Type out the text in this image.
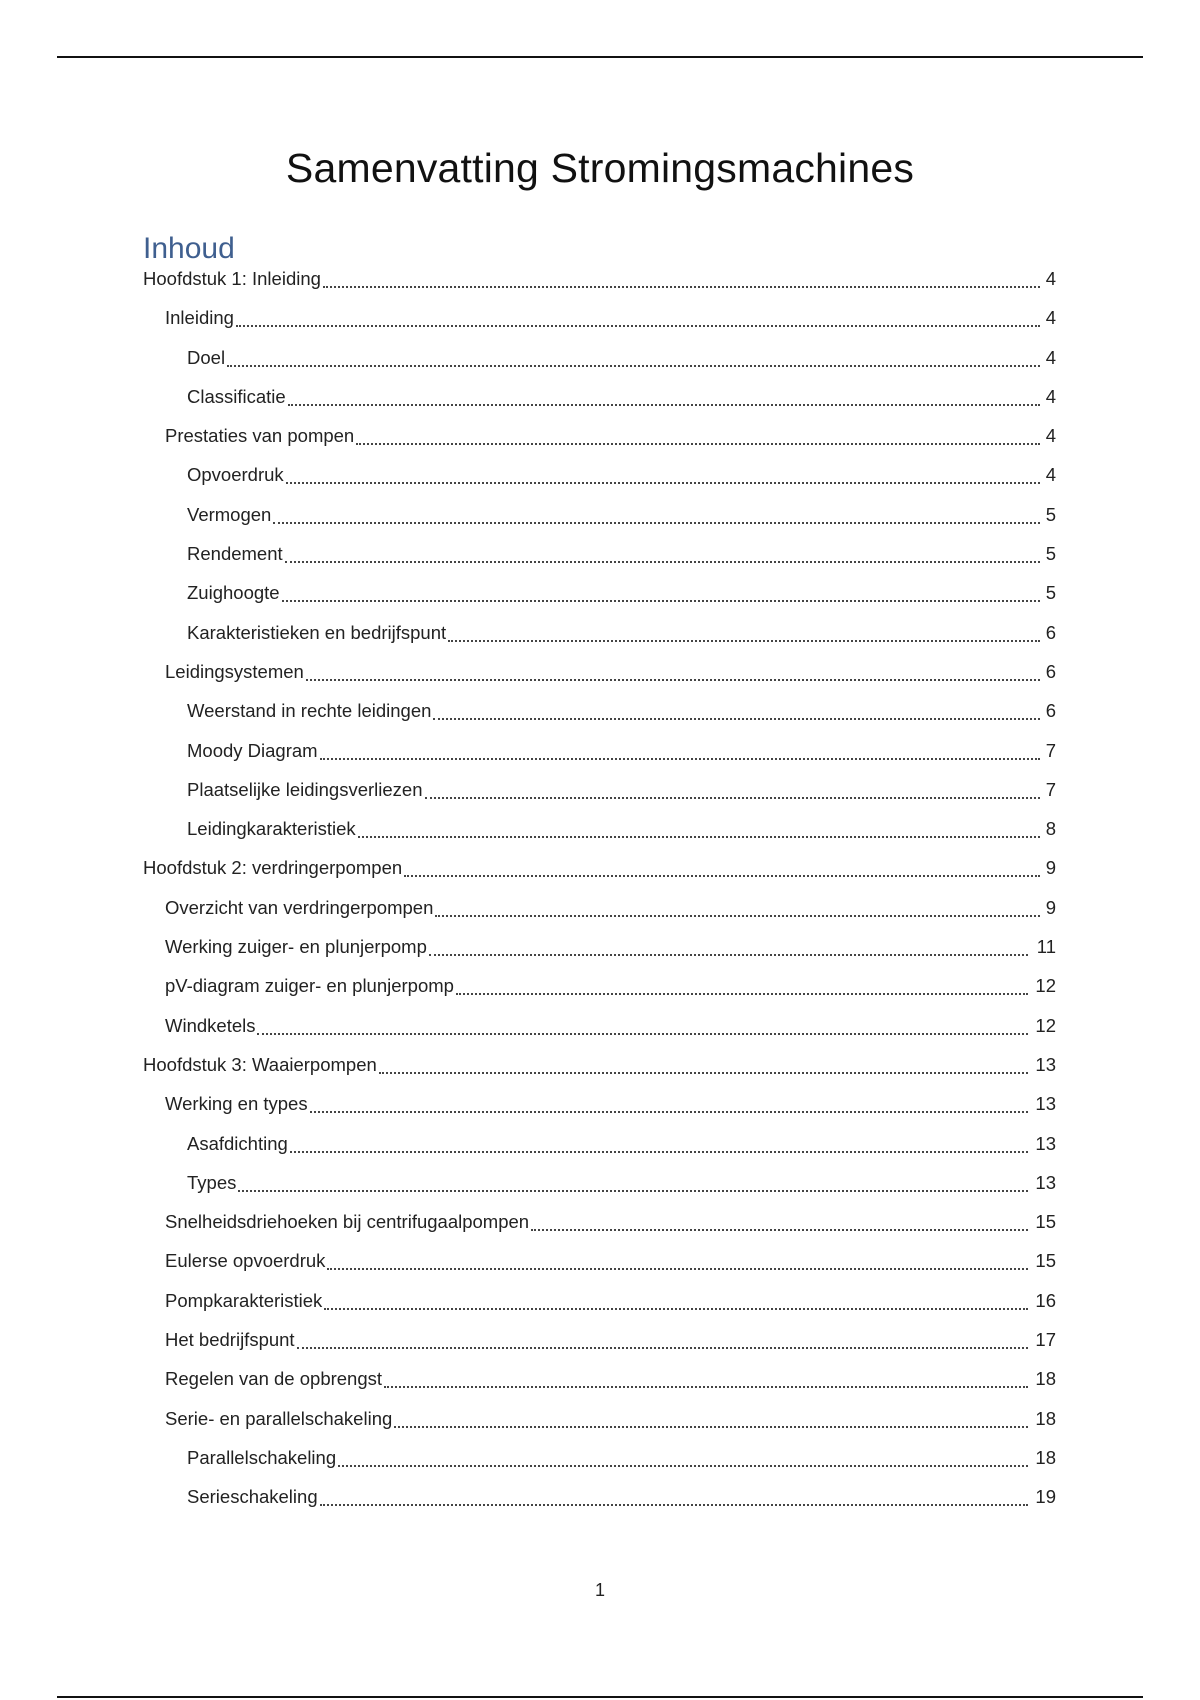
Samenvatting Stromingsmachines
Inhoud
Hoofdstuk 1: Inleiding	4
Inleiding	4
Doel	4
Classificatie	4
Prestaties van pompen	4
Opvoerdruk	4
Vermogen	5
Rendement	5
Zuighoogte	5
Karakteristieken en bedrijfspunt	6
Leidingsystemen	6
Weerstand in rechte leidingen	6
Moody Diagram	7
Plaatselijke leidingsverliezen	7
Leidingkarakteristiek	8
Hoofdstuk 2: verdringerpompen	9
Overzicht van verdringerpompen	9
Werking zuiger- en plunjerpomp	11
pV-diagram zuiger- en plunjerpomp	12
Windketels	12
Hoofdstuk 3: Waaierpompen	13
Werking en types	13
Asafdichting	13
Types	13
Snelheidsdriehoeken bij centrifugaalpompen	15
Eulerse opvoerdruk	15
Pompkarakteristiek	16
Het bedrijfspunt	17
Regelen van de opbrengst	18
Serie- en parallelschakeling	18
Parallelschakeling	18
Serieschakeling	19
1
